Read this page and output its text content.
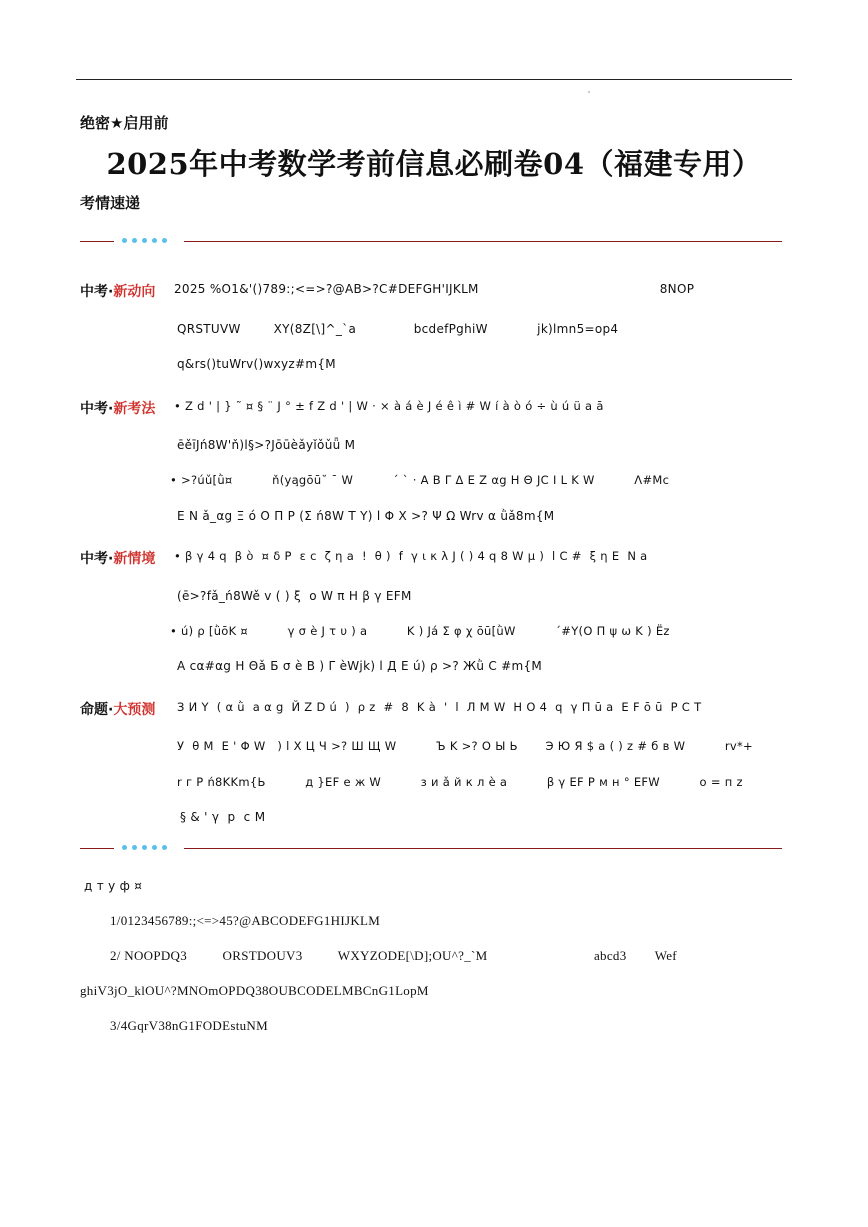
绝密★启用前
2025年中考数学考前信息必刷卷04（福建专用）
考情速递
中考·新动向 2025 %O1&'()789:;<=>?@AB>?C#DEFGH'IJKLM                                            8NOP
QRSTUVW        XY(8Z[\]^_`a              bcdefPghiW            jk)lmn5=op4
q&rs()tuWrv()wxyz#m{M
中考·新考法 • Z d ' | } ˜ ¤ § ¨ J ° ± f Z d ' | W · × à á è J é ê ì # W í à ò ó ÷ ù ú ü a ā
ēěīJń8W'ň)l§>?Jōūèǎyǐǒǔǖ M
• >?úǔ[ǜ¤          ň(ya̧gōū˘ ¯ W          ´ ` · A B Γ Δ E Z αg H Θ JC I L K W          Λ#Mc
E N ǎ_αg Ξ ó O Π P (Σ ń8W T Υ) l Φ X >? Ψ Ω Wrv α ǜǎ8m{M
中考·新情境 • β γ 4 q  β ò  ¤ δ P  ε c  ζ η a  !  θ )  f  γ ι κ λ J ( ) 4 q 8 W μ )  l C #  ξ η E  N a
(ē>?fǎ_ń8Wě v ( ) ξ  o W π H β γ EFM
• ú) ρ [ǜōK ¤          γ σ è J τ υ ) a          K ) Já Σ φ χ ōū[ǜW          ´#Y(O Π ψ ω K ) Ëz
A cα#αg H Θǎ Б σ è B ) Γ èWjk) l Д E ú) ρ >? Жǜ C #m{M
命题·大预测 З И Y  ( α ǜ  a α g  Й Z D ú  )  ρ z  #  8  K à  '  l  Л M W  H O 4  q  γ Π ū a  E F ō ū  P C T
У  θ M  Ε ' Φ W   ) l X Ц Ч >? Ш Щ W          Ъ K >? О Ы Ь       Э Ю Я $ a ( ) z # б в W          rv*+
r г P ń8KKm{Ь          д }EF e ж W          з и ǎ й к л è a          β γ EF P м н ° EFW          о = п z
§ & ' γ  р  с M
д т у ф ¤
1/0123456789:;<=>45?@ABCODEFG1HIJKLM
2/ NOOPDQ3          ORSTDOUV3          WXYZODE[\D];OU^?_`M                              abcd3        Wef
ghiV3jO_klOU^?MNOmOPDQ38OUBCODELMBCnG1LopM
3/4GqrV38nG1FODEstuNM
